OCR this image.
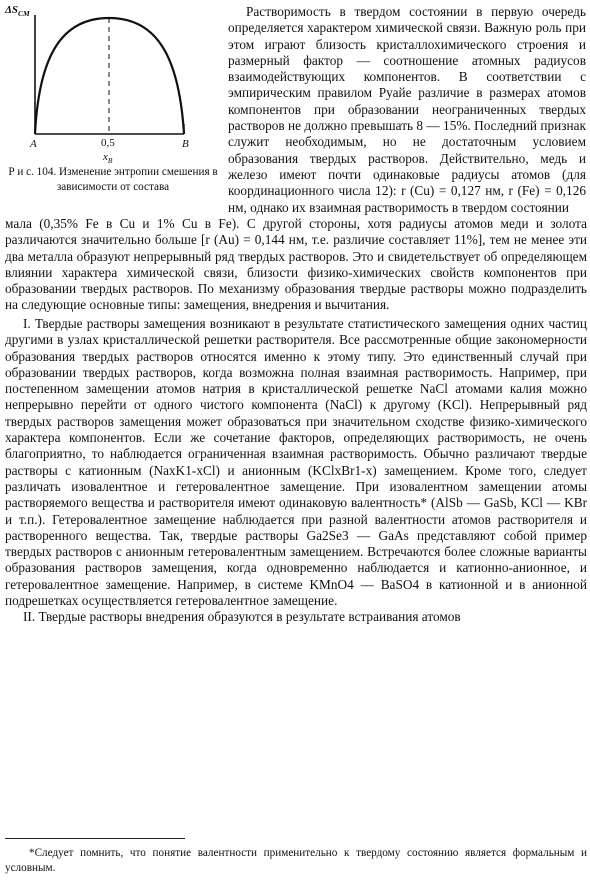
$\Delta S_{СМ}$
A	B
0,5
$x_B$
Р и с. 104. Изменение энтропии смешения в зависимости от состава

Растворимость в твердом состоянии в первую очередь определяется характером химической связи. Важную роль при этом играют близость кристаллохимического строения и размерный фактор — соотношение атомных радиусов взаимодействующих компонентов. В соответствии с эмпирическим правилом Руайе различие в размерах атомов компонентов при образовании неограниченных твердых растворов не должно превышать 8 — 15%. Последний признак служит необходимым, но не достаточным условием образования твердых растворов. Действительно, медь и железо имеют почти одинаковые радиусы атомов (для координационного числа 12): r (Cu) = 0,127 нм, r (Fe) = 0,126 нм, однако их взаимная растворимость в твердом состоянии

I. Твердые растворы замещения возникают в результате статистического замещения одних частиц другими в узлах кристаллической решетки растворителя. Все рассмотренные общие закономерности образования твердых растворов относятся именно к этому типу. Это единственный случай при образовании твердых растворов, когда возможна полная взаимная растворимость. Например, при постепенном замещении атомов натрия в кристаллической решетке NaCl атомами калия можно непрерывно перейти от одного чистого компонента (NaCl) к другому (KCl). Непрерывный ряд твердых растворов замещения может образоваться при значительном сходстве физико-химического характера компонентов. Если же сочетание факторов, определяющих растворимость, не очень благоприятно, то наблюдается ограниченная взаимная растворимость. Обычно различают твердые растворы с катионным (NaxK1-xCl) и анионным (KClxBr1-x) замещением. Кроме того, следует различать изовалентное и гетеровалентное замещение. При изовалентном замещении атомы растворяемого вещества и растворителя имеют одинаковую валентность* (AlSb — GaSb, KCl — KBr и т.п.). Гетеровалентное замещение наблюдается при разной валентности атомов растворителя и растворенного вещества. Так, твердые растворы Ga2Se3 — GaAs представляют собой пример твердых растворов с анионным гетеровалентным замещением. Встречаются более сложные варианты образования растворов замещения, когда одновременно наблюдается и катионно-анионное, и гетеровалентное замещение. Например, в системе KMnO4 — BaSO4 в катионной и в анионной подрешетках осуществляется гетеровалентное замещение.

II. Твердые растворы внедрения образуются в результате встраивания атомов

*Следует помнить, что понятие валентности применительно к твердому состоянию является формальным и условным.

мала (0,35% Fe в Cu и 1% Cu в Fe). С другой стороны, хотя радиусы атомов меди и золота различаются значительно больше [r (Au) = 0,144 нм, т.е. различие составляет 11%], тем не менее эти два металла образуют непрерывный ряд твердых растворов. Это и свидетельствует об определяющем влиянии характера химической связи, близости физико-химических свойств компонентов при образовании твердых растворов. По механизму образования твердые растворы можно подразделить на следующие основные типы: замещения, внедрения и вычитания.
